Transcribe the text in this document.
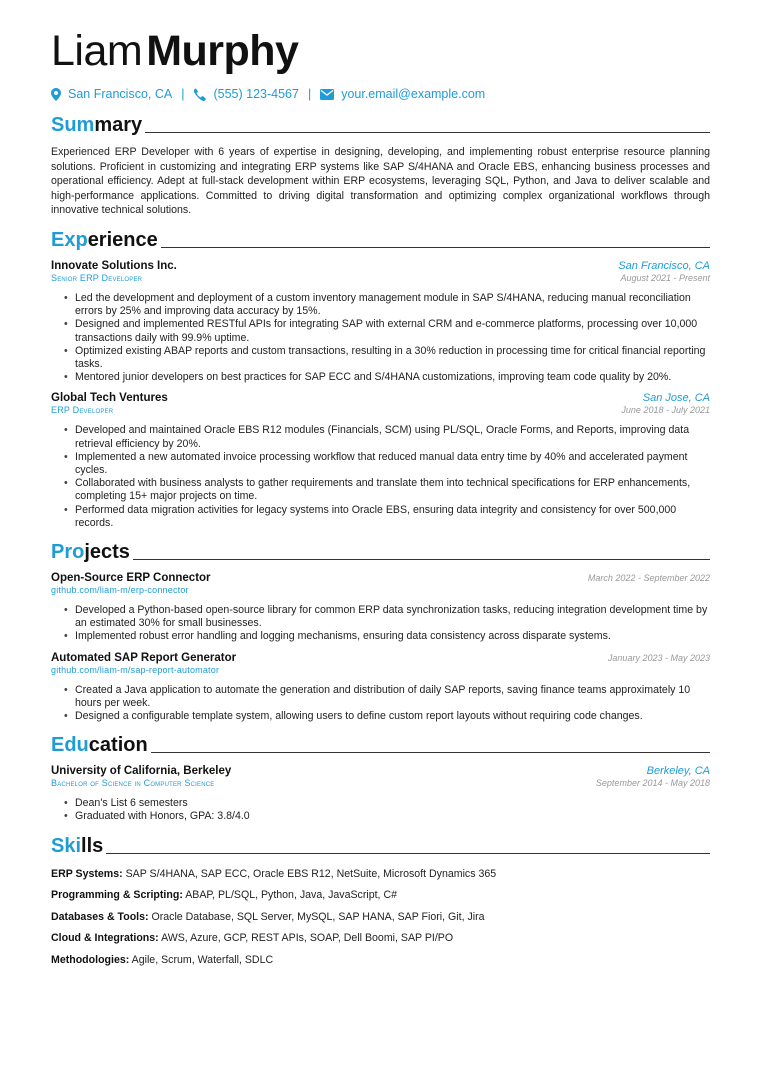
LiamMurphy
San Francisco, CA | (555) 123-4567 | your.email@example.com
Summary
Experienced ERP Developer with 6 years of expertise in designing, developing, and implementing robust enterprise resource planning solutions. Proficient in customizing and integrating ERP systems like SAP S/4HANA and Oracle EBS, enhancing business processes and operational efficiency. Adept at full-stack development within ERP ecosystems, leveraging SQL, Python, and Java to deliver scalable and high-performance applications. Committed to driving digital transformation and optimizing complex organizational workflows through innovative technical solutions.
Experience
Innovate Solutions Inc.	San Francisco, CA
Senior ERP Developer	August 2021 - Present
• Led the development and deployment of a custom inventory management module in SAP S/4HANA, reducing manual reconciliation errors by 25% and improving data accuracy by 15%.
• Designed and implemented RESTful APIs for integrating SAP with external CRM and e-commerce platforms, processing over 10,000 transactions daily with 99.9% uptime.
• Optimized existing ABAP reports and custom transactions, resulting in a 30% reduction in processing time for critical financial reporting tasks.
• Mentored junior developers on best practices for SAP ECC and S/4HANA customizations, improving team code quality by 20%.
Global Tech Ventures	San Jose, CA
ERP Developer	June 2018 - July 2021
• Developed and maintained Oracle EBS R12 modules (Financials, SCM) using PL/SQL, Oracle Forms, and Reports, improving data retrieval efficiency by 20%.
• Implemented a new automated invoice processing workflow that reduced manual data entry time by 40% and accelerated payment cycles.
• Collaborated with business analysts to gather requirements and translate them into technical specifications for ERP enhancements, completing 15+ major projects on time.
• Performed data migration activities for legacy systems into Oracle EBS, ensuring data integrity and consistency for over 500,000 records.
Projects
Open-Source ERP Connector	March 2022 - September 2022
github.com/liam-m/erp-connector
• Developed a Python-based open-source library for common ERP data synchronization tasks, reducing integration development time by an estimated 30% for small businesses.
• Implemented robust error handling and logging mechanisms, ensuring data consistency across disparate systems.
Automated SAP Report Generator	January 2023 - May 2023
github.com/liam-m/sap-report-automator
• Created a Java application to automate the generation and distribution of daily SAP reports, saving finance teams approximately 10 hours per week.
• Designed a configurable template system, allowing users to define custom report layouts without requiring code changes.
Education
University of California, Berkeley	Berkeley, CA
Bachelor of Science in Computer Science	September 2014 - May 2018
• Dean's List 6 semesters
• Graduated with Honors, GPA: 3.8/4.0
Skills
ERP Systems: SAP S/4HANA, SAP ECC, Oracle EBS R12, NetSuite, Microsoft Dynamics 365
Programming & Scripting: ABAP, PL/SQL, Python, Java, JavaScript, C#
Databases & Tools: Oracle Database, SQL Server, MySQL, SAP HANA, SAP Fiori, Git, Jira
Cloud & Integrations: AWS, Azure, GCP, REST APIs, SOAP, Dell Boomi, SAP PI/PO
Methodologies: Agile, Scrum, Waterfall, SDLC
